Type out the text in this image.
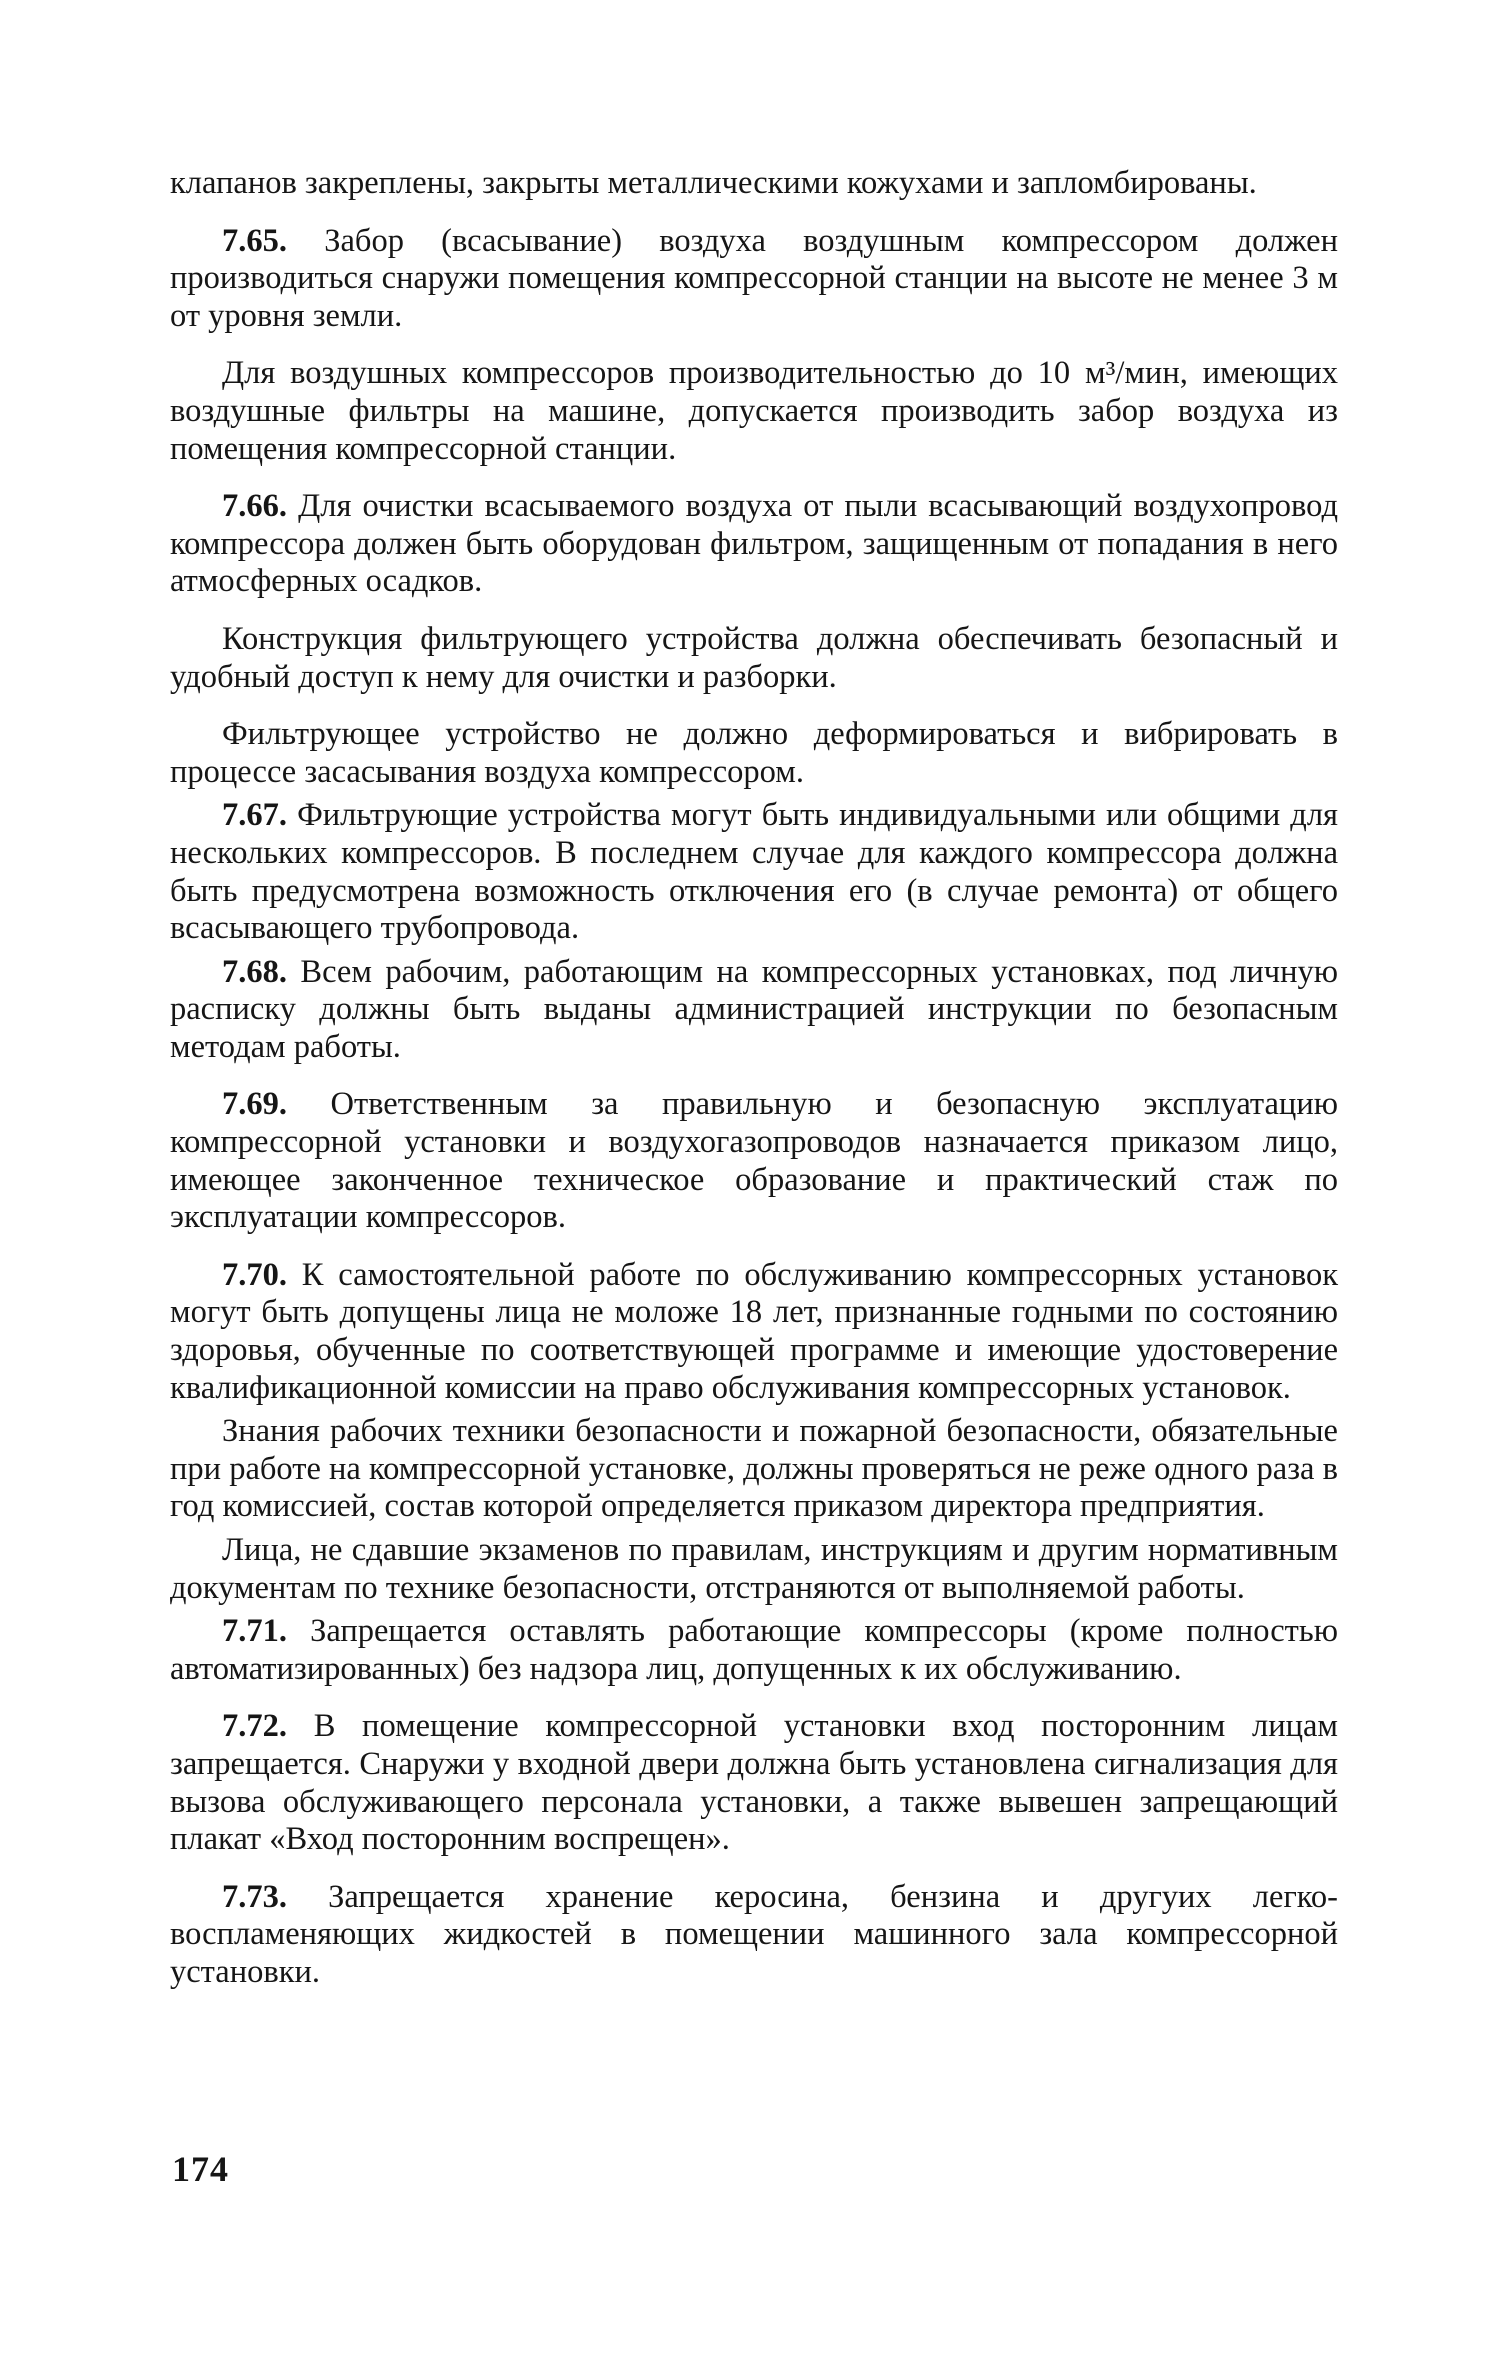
клапанов закреплены, закрыты металлическими кожухами и запломбированы.

7.65. Забор (всасывание) воздуха воздушным компрессором должен производиться снаружи помещения компрессорной станции на высоте не менее 3 м от уровня земли.

Для воздушных компрессоров производительностью до 10 м³/мин, имеющих воздушные фильтры на машине, допускается производить забор воздуха из помещения компрессорной станции.

7.66. Для очистки всасываемого воздуха от пыли всасывающий воздухопровод компрессора должен быть оборудован фильтром, защищенным от попадания в него атмосферных осадков.

Конструкция фильтрующего устройства должна обеспечивать безопасный и удобный доступ к нему для очистки и разборки.

Фильтрующее устройство не должно деформироваться и вибрировать в процессе засасывания воздуха компрессором.

7.67. Фильтрующие устройства могут быть индивидуальными или общими для нескольких компрессоров. В последнем случае для каждого компрессора должна быть предусмотрена возможность отключения его (в случае ремонта) от общего всасывающего трубопровода.

7.68. Всем рабочим, работающим на компрессорных установках, под личную расписку должны быть выданы администрацией инструкции по безопасным методам работы.

7.69. Ответственным за правильную и безопасную эксплуатацию компрессорной установки и воздухогазопроводов назначается приказом лицо, имеющее законченное техническое образование и практический стаж по эксплуатации компрессоров.

7.70. К самостоятельной работе по обслуживанию компрессорных установок могут быть допущены лица не моложе 18 лет, признанные годными по состоянию здоровья, обученные по соответствующей программе и имеющие удостоверение квалификационной комиссии на право обслуживания компрессорных установок.

Знания рабочих техники безопасности и пожарной безопасности, обязательные при работе на компрессорной установке, должны проверяться не реже одного раза в год комиссией, состав которой определяется приказом директора предприятия.

Лица, не сдавшие экзаменов по правилам, инструкциям и другим нормативным документам по технике безопасности, отстраняются от выполняемой работы.

7.71. Запрещается оставлять работающие компрессоры (кроме полностью автоматизированных) без надзора лиц, допущенных к их обслуживанию.

7.72. В помещение компрессорной установки вход посторонним лицам запрещается. Снаружи у входной двери должна быть установлена сигнализация для вызова обслуживающего персонала установки, а также вывешен запрещающий плакат «Вход посторонним воспрещен».

7.73. Запрещается хранение керосина, бензина и другуих легковоспламеняющих жидкостей в помещении машинного зала компрессорной установки.

174
